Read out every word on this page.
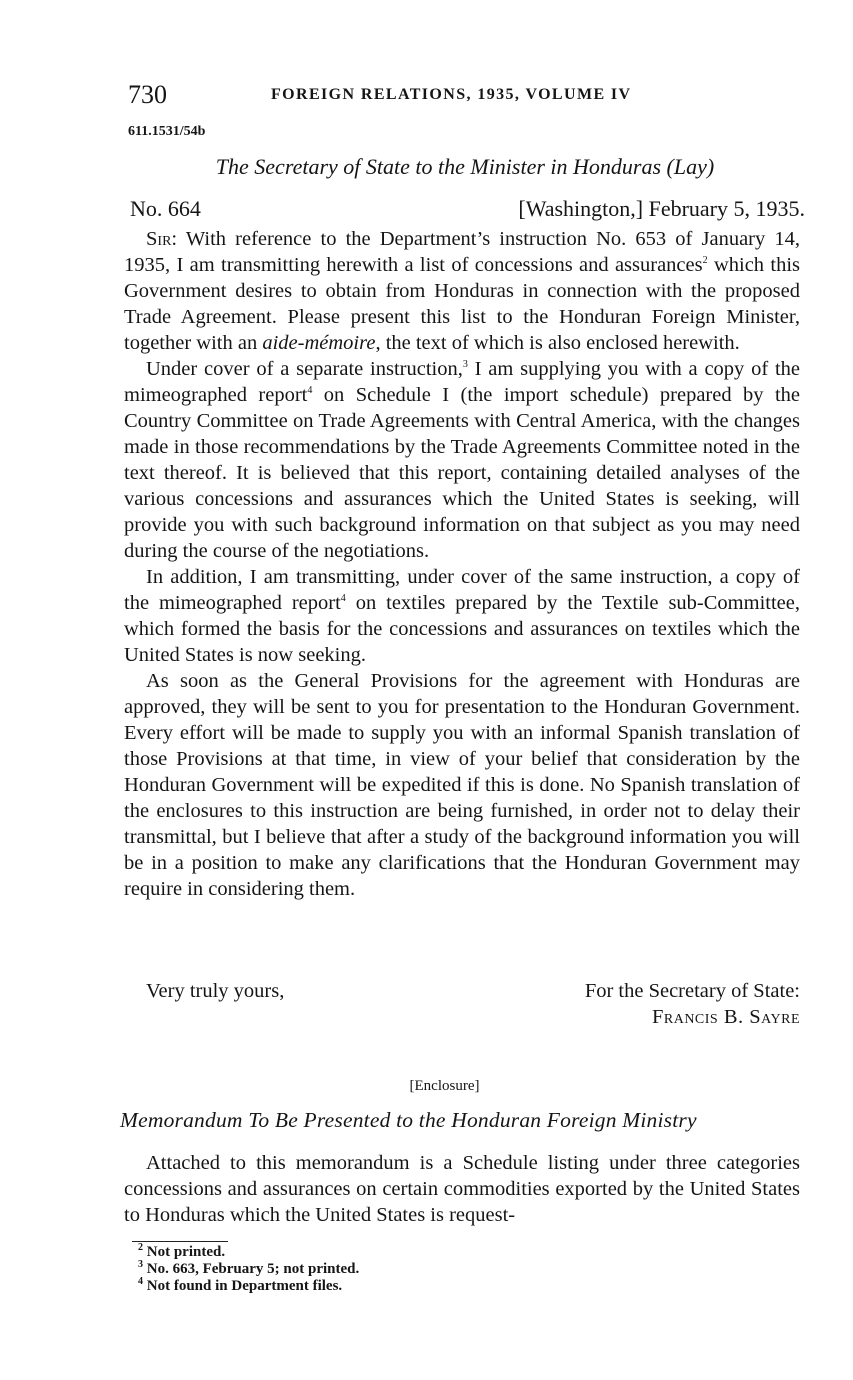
730	FOREIGN RELATIONS, 1935, VOLUME IV
611.1531/54b
The Secretary of State to the Minister in Honduras (Lay)
No. 664	[Washington,] February 5, 1935.

Sir: With reference to the Department’s instruction No. 653 of January 14, 1935, I am transmitting herewith a list of concessions and assurances$^2$ which this Government desires to obtain from Honduras in connection with the proposed Trade Agreement. Please present this list to the Honduran Foreign Minister, together with an aide-mémoire, the text of which is also enclosed herewith.

Under cover of a separate instruction,$^3$ I am supplying you with a copy of the mimeographed report$^4$ on Schedule I (the import schedule) prepared by the Country Committee on Trade Agreements with Central America, with the changes made in those recommendations by the Trade Agreements Committee noted in the text thereof. It is believed that this report, containing detailed analyses of the various concessions and assurances which the United States is seeking, will provide you with such background information on that subject as you may need during the course of the negotiations.

In addition, I am transmitting, under cover of the same instruction, a copy of the mimeographed report$^4$ on textiles prepared by the Textile sub-Committee, which formed the basis for the concessions and assurances on textiles which the United States is now seeking.

As soon as the General Provisions for the agreement with Honduras are approved, they will be sent to you for presentation to the Honduran Government. Every effort will be made to supply you with an informal Spanish translation of those Provisions at that time, in view of your belief that consideration by the Honduran Government will be expedited if this is done. No Spanish translation of the enclosures to this instruction are being furnished, in order not to delay their transmittal, but I believe that after a study of the background information you will be in a position to make any clarifications that the Honduran Government may require in considering them.

Very truly yours,	For the Secretary of State:
Francis B. Sayre
[Enclosure]
Memorandum To Be Presented to the Honduran Foreign Ministry

Attached to this memorandum is a Schedule listing under three categories concessions and assurances on certain commodities exported by the United States to Honduras which the United States is request-

$^2$ Not printed.
$^3$ No. 663, February 5; not printed.
$^4$ Not found in Department files.
